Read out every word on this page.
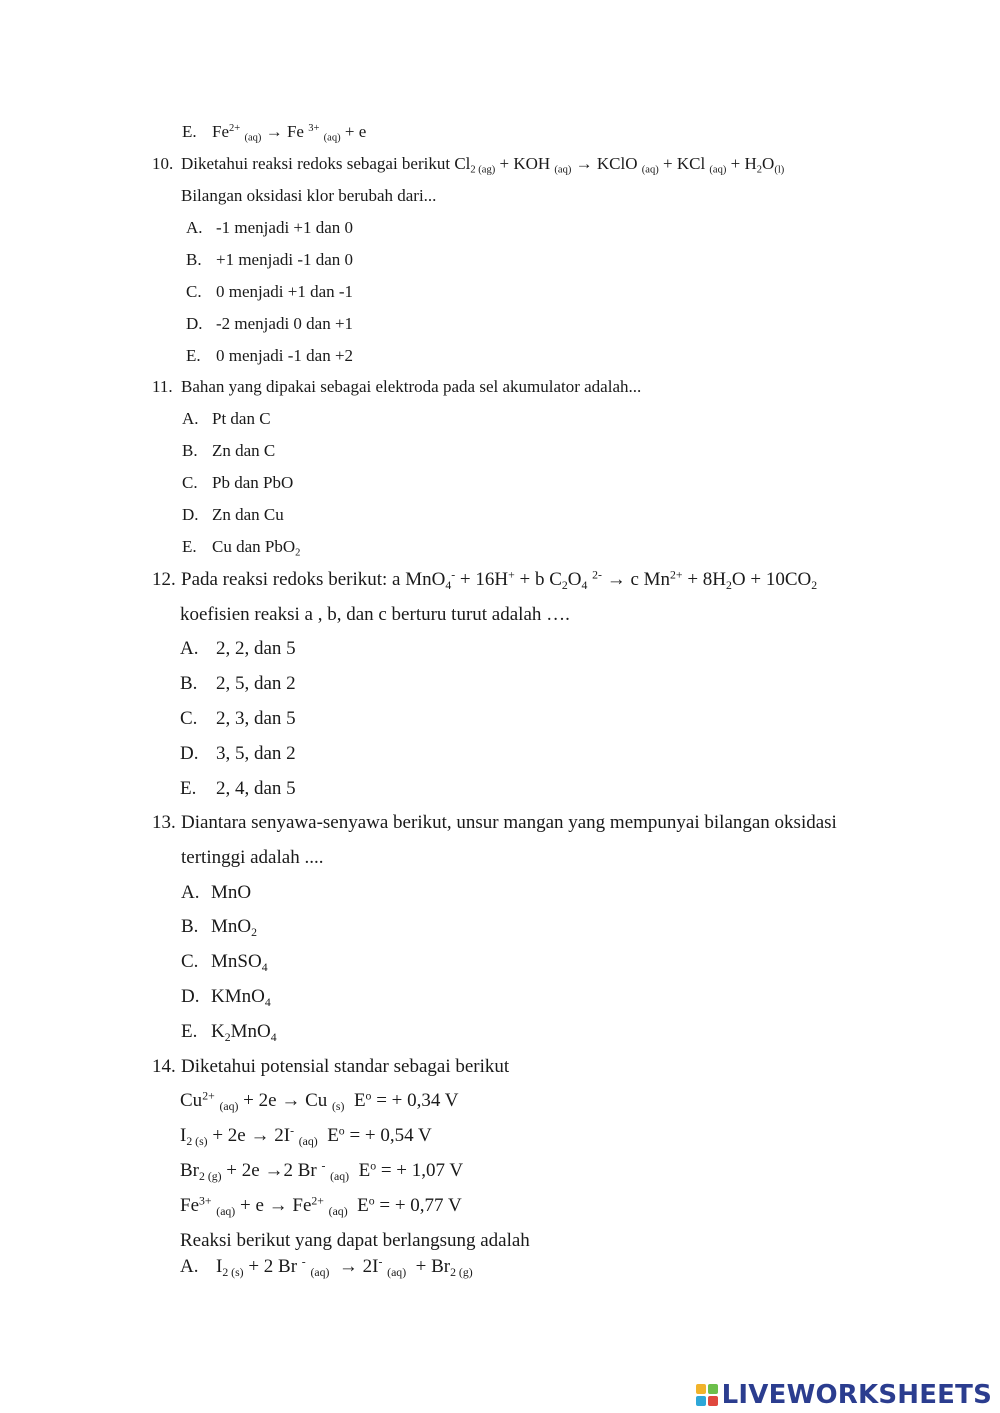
E. $Fe^{2+}$ $_{(aq)}$ → Fe $^{3+}$ $_{(aq)}$ + e
10. Diketahui reaksi redoks sebagai berikut $Cl_{2 (ag)}$ + KOH $_{(aq)}$ → KClO $_{(aq)}$ + KCl $_{(aq)} + H_2O_{(l)}$
Bilangan oksidasi klor berubah dari...
A. -1 menjadi +1 dan 0
B. +1 menjadi -1 dan 0
C. 0 menjadi +1 dan -1
D. -2 menjadi 0 dan +1
E. 0 menjadi -1 dan +2
11. Bahan yang dipakai sebagai elektroda pada sel akumulator adalah...
A. Pt dan C
B. Zn dan C
C. Pb dan PbO
D. Zn dan Cu
E. Cu dan PbO$_2$
12. Pada reaksi redoks berikut: a MnO$_4$- + 16H+ + b $C_2O_4$ $^{2-}$ → c $Mn^{2+} + 8H_2O + 10CO_2$
koefisien reaksi a , b, dan c berturu turut adalah ….
A. 2, 2, dan 5
B. 2, 5, dan 2
C. 2, 3, dan 5
D. 3, 5, dan 2
E. 2, 4, dan 5
13. Diantara senyawa-senyawa berikut, unsur mangan yang mempunyai bilangan oksidasi
tertinggi adalah ....
A. MnO
B. MnO$_2$
C. MnSO$_4$
D. KMnO$_4$
E. $K_2MnO_4$
14. Diketahui potensial standar sebagai berikut
$Cu^{2+}$ $_{(aq)}$ + 2e → Cu $_{(s)}$ $E^o$ = + 0,34 V
$I_{2 (s)} + 2e \to 2I^-$ $_{(aq)}$ $E^o$ = + 0,54 V
$Br_{2 (g)} + 2e \to 2$ Br - $_{(aq)}$ $E^o$ = + 1,07 V
$Fe^{3+}$ $_{(aq)} + e \to Fe^{2+}$ $_{(aq)}$ $E^o$ = + 0,77 V
Reaksi berikut yang dapat berlangsung adalah
A. $I_{2 (s)} + 2$ Br - $_{(aq)}$ → 2I- $_{(aq)} + Br_{2 (g)}$
LIVEWORKSHEETS
